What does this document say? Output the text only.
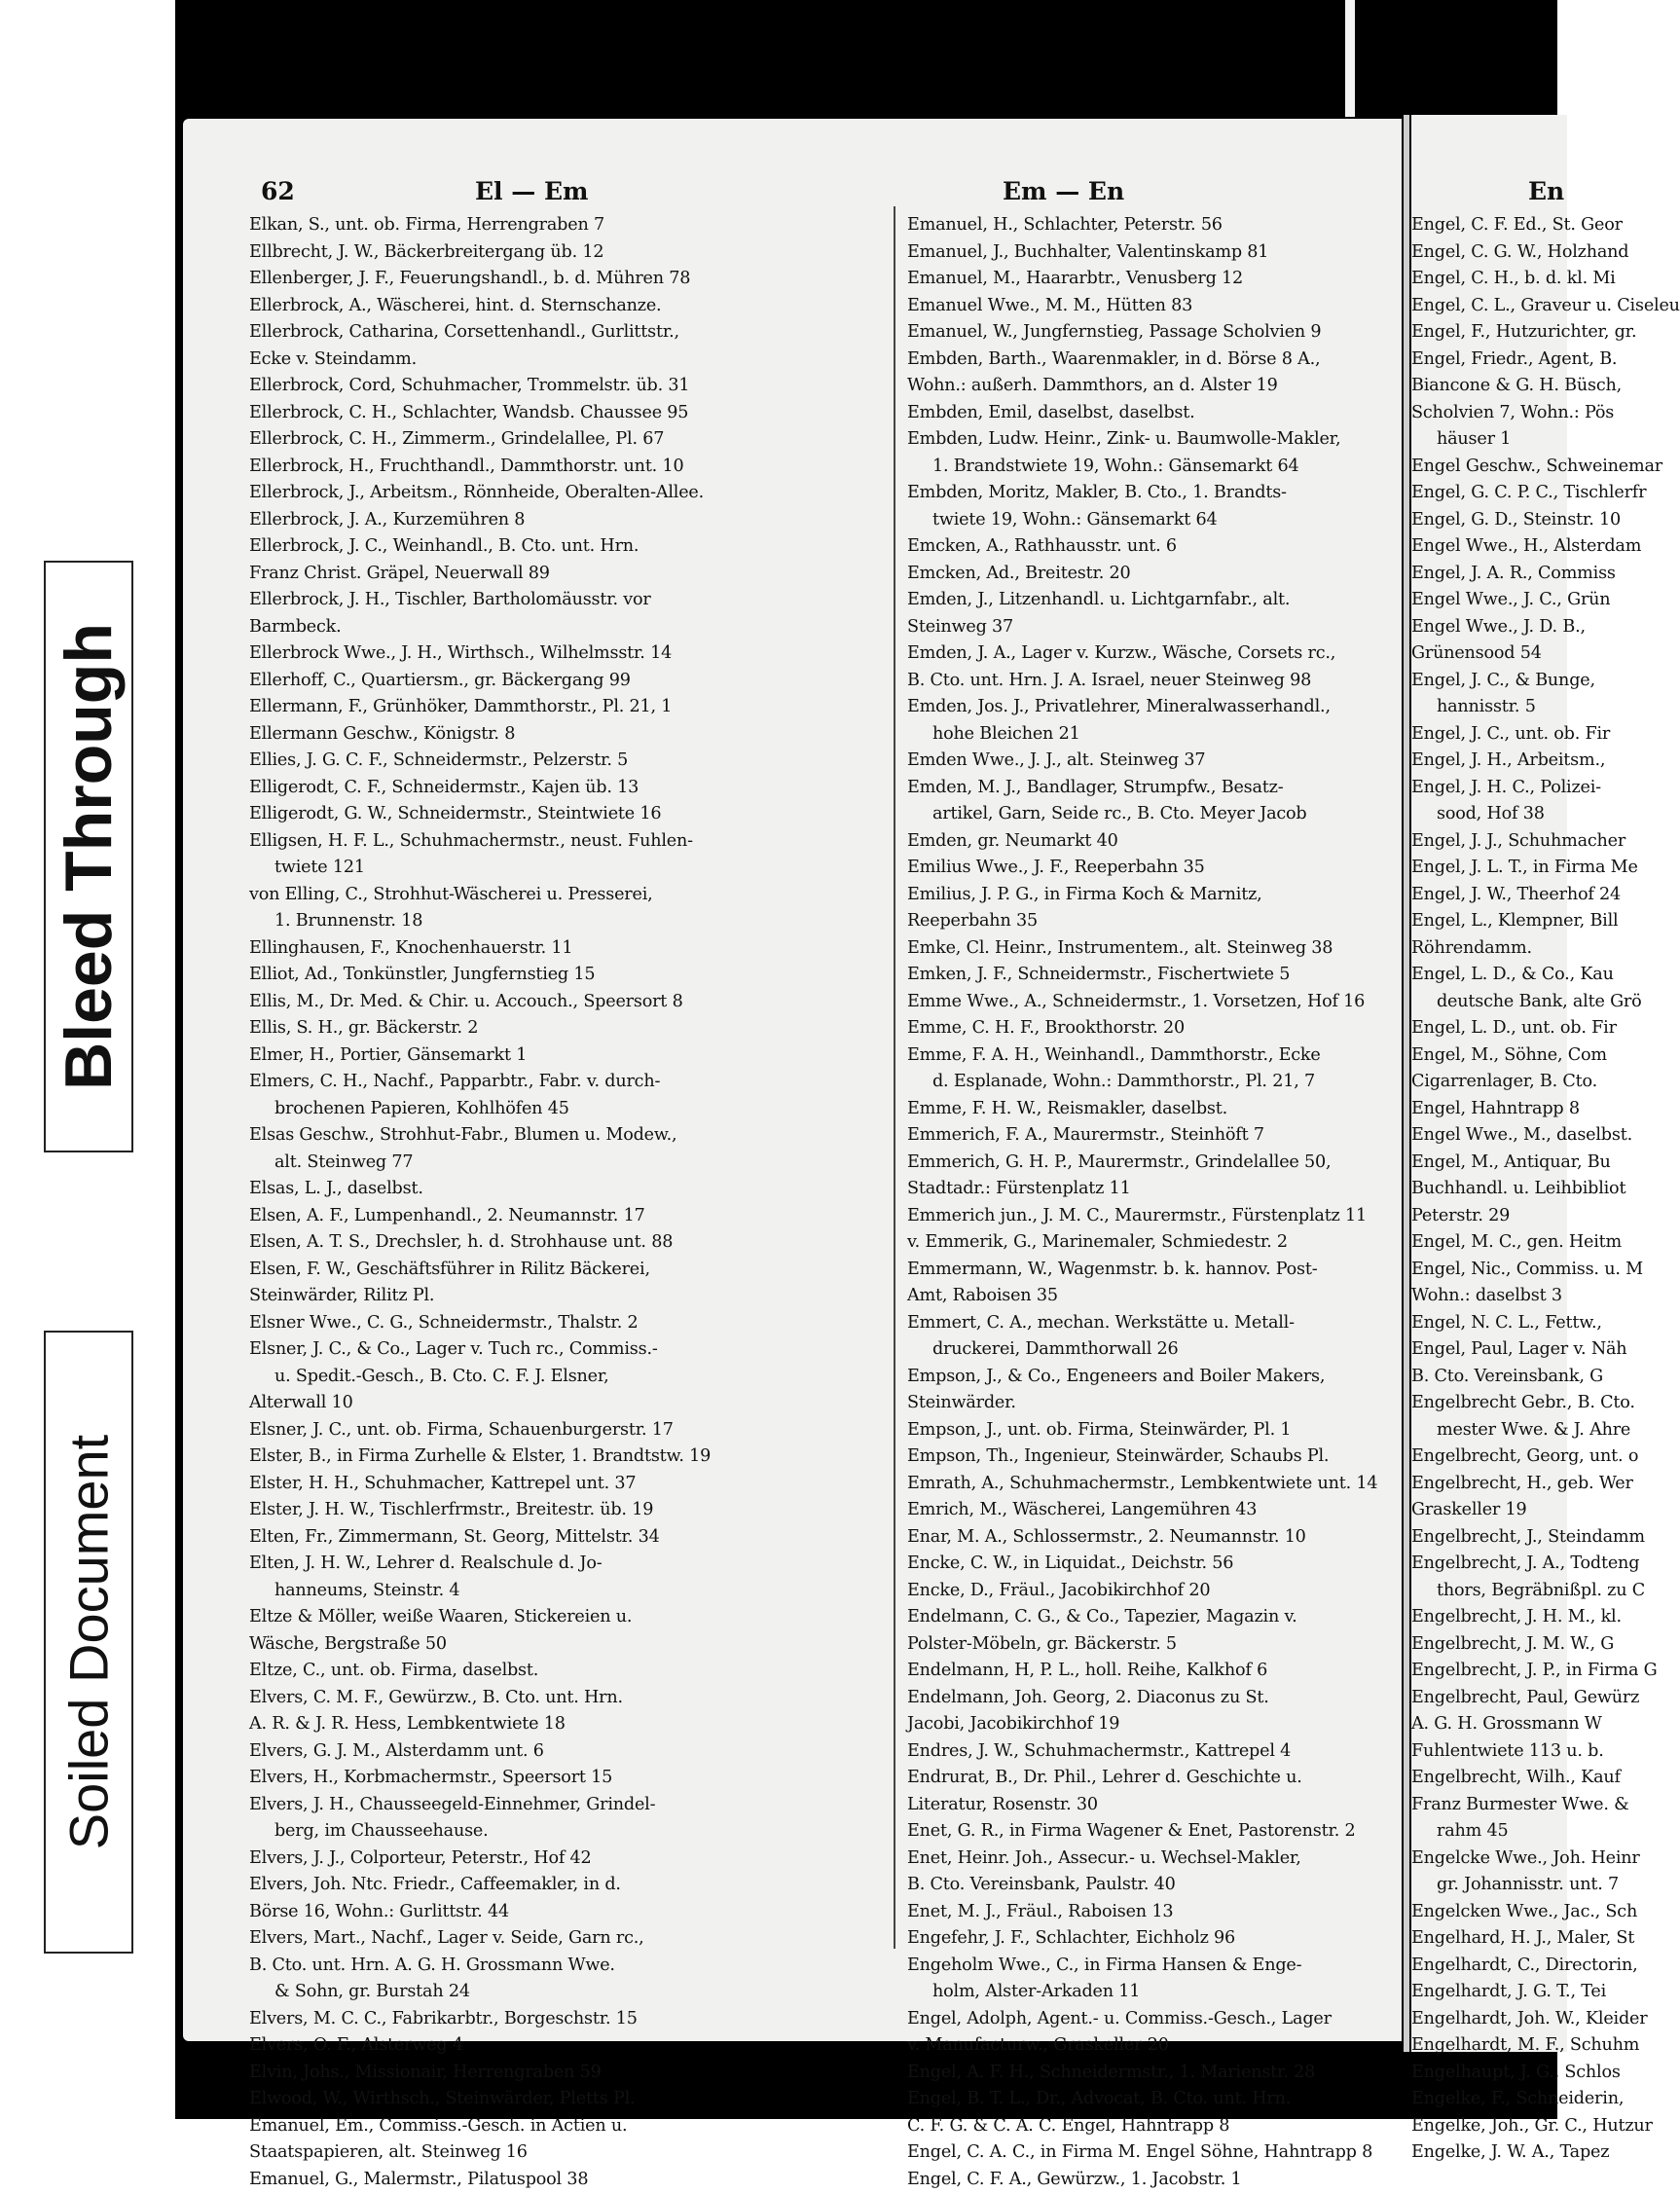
Bleed Through
Soiled Document
62	El — Em	Em — En
Elkan, S., unt. ob. Firma, Herrengraben 7
Ellbrecht, J. W., Bäckerbreitergang üb. 12
Ellenberger, J. F., Feuerungshandl., b. d. Mühren 78
Ellerbrock, A., Wäscherei, hint. d. Sternschanze.
Ellerbrock, Catharina, Corsettenhandl., Gurlittstr.,
Ecke v. Steindamm.
Ellerbrock, Cord, Schuhmacher, Trommelstr. üb. 31
Ellerbrock, C. H., Schlachter, Wandsb. Chaussee 95
Ellerbrock, C. H., Zimmerm., Grindelallee, Pl. 67
Ellerbrock, H., Fruchthandl., Dammthorstr. unt. 10
Ellerbrock, J., Arbeitsm., Rönnheide, Oberalten-Allee.
Ellerbrock, J. A., Kurzemühren 8
Ellerbrock, J. C., Weinhandl., B. Cto. unt. Hrn.
Franz Christ. Gräpel, Neuerwall 89
Ellerbrock, J. H., Tischler, Bartholomäusstr. vor
Barmbeck.
Ellerbrock Wwe., J. H., Wirthsch., Wilhelmsstr. 14
Ellerhoff, C., Quartiersm., gr. Bäckergang 99
Ellermann, F., Grünhöker, Dammthorstr., Pl. 21, 1
Ellermann Geschw., Königstr. 8
Ellies, J. G. C. F., Schneidermstr., Pelzerstr. 5
Elligerodt, C. F., Schneidermstr., Kajen üb. 13
Elligerodt, G. W., Schneidermstr., Steintwiete 16
Elligsen, H. F. L., Schuhmachermstr., neust. Fuhlen-
twiete 121
von Elling, C., Strohhut-Wäscherei u. Presserei,
1. Brunnenstr. 18
Ellinghausen, F., Knochenhauerstr. 11
Elliot, Ad., Tonkünstler, Jungfernstieg 15
Ellis, M., Dr. Med. & Chir. u. Accouch., Speersort 8
Ellis, S. H., gr. Bäckerstr. 2
Elmer, H., Portier, Gänsemarkt 1
Elmers, C. H., Nachf., Papparbtr., Fabr. v. durch-
brochenen Papieren, Kohlhöfen 45
Elsas Geschw., Strohhut-Fabr., Blumen u. Modew.,
alt. Steinweg 77
Elsas, L. J., daselbst.
Elsen, A. F., Lumpenhandl., 2. Neumannstr. 17
Elsen, A. T. S., Drechsler, h. d. Strohhause unt. 88
Elsen, F. W., Geschäftsführer in Rilitz Bäckerei,
Steinwärder, Rilitz Pl.
Elsner Wwe., C. G., Schneidermstr., Thalstr. 2
Elsner, J. C., & Co., Lager v. Tuch rc., Commiss.-
u. Spedit.-Gesch., B. Cto. C. F. J. Elsner,
Alterwall 10
Elsner, J. C., unt. ob. Firma, Schauenburgerstr. 17
Elster, B., in Firma Zurhelle & Elster, 1. Brandtstw. 19
Elster, H. H., Schuhmacher, Kattrepel unt. 37
Elster, J. H. W., Tischlerfrmstr., Breitestr. üb. 19
Elten, Fr., Zimmermann, St. Georg, Mittelstr. 34
Elten, J. H. W., Lehrer d. Realschule d. Jo-
hanneums, Steinstr. 4
Eltze & Möller, weiße Waaren, Stickereien u.
Wäsche, Bergstraße 50
Eltze, C., unt. ob. Firma, daselbst.
Elvers, C. M. F., Gewürzw., B. Cto. unt. Hrn.
A. R. & J. R. Hess, Lembkentwiete 18
Elvers, G. J. M., Alsterdamm unt. 6
Elvers, H., Korbmachermstr., Speersort 15
Elvers, J. H., Chausseegeld-Einnehmer, Grindel-
berg, im Chausseehause.
Elvers, J. J., Colporteur, Peterstr., Hof 42
Elvers, Joh. Ntc. Friedr., Caffeemakler, in d.
Börse 16, Wohn.: Gurlittstr. 44
Elvers, Mart., Nachf., Lager v. Seide, Garn rc.,
B. Cto. unt. Hrn. A. G. H. Grossmann Wwe.
& Sohn, gr. Burstah 24
Elvers, M. C. C., Fabrikarbtr., Borgeschstr. 15
Elvers, O. F., Alsterweg 4
Elvin, Johs., Missionair, Herrengraben 59
Elwood, W., Wirthsch., Steinwärder, Pletts Pl.
Emanuel, Em., Commiss.-Gesch. in Actien u.
Staatspapieren, alt. Steinweg 16
Emanuel, G., Malermstr., Pilatuspool 38
Emanuel, H., Schlachter, Peterstr. 56
Emanuel, J., Buchhalter, Valentinskamp 81
Emanuel, M., Haararbtr., Venusberg 12
Emanuel Wwe., M. M., Hütten 83
Emanuel, W., Jungfernstieg, Passage Scholvien 9
Embden, Barth., Waarenmakler, in d. Börse 8 A.,
Wohn.: außerh. Dammthors, an d. Alster 19
Embden, Emil, daselbst, daselbst.
Embden, Ludw. Heinr., Zink- u. Baumwolle-Makler,
1. Brandstwiete 19, Wohn.: Gänsemarkt 64
Embden, Moritz, Makler, B. Cto., 1. Brandts-
twiete 19, Wohn.: Gänsemarkt 64
Emcken, A., Rathhausstr. unt. 6
Emcken, Ad., Breitestr. 20
Emden, J., Litzenhandl. u. Lichtgarnfabr., alt.
Steinweg 37
Emden, J. A., Lager v. Kurzw., Wäsche, Corsets rc.,
B. Cto. unt. Hrn. J. A. Israel, neuer Steinweg 98
Emden, Jos. J., Privatlehrer, Mineralwasserhandl.,
hohe Bleichen 21
Emden Wwe., J. J., alt. Steinweg 37
Emden, M. J., Bandlager, Strumpfw., Besatz-
artikel, Garn, Seide rc., B. Cto. Meyer Jacob
Emden, gr. Neumarkt 40
Emilius Wwe., J. F., Reeperbahn 35
Emilius, J. P. G., in Firma Koch & Marnitz,
Reeperbahn 35
Emke, Cl. Heinr., Instrumentem., alt. Steinweg 38
Emken, J. F., Schneidermstr., Fischertwiete 5
Emme Wwe., A., Schneidermstr., 1. Vorsetzen, Hof 16
Emme, C. H. F., Brookthorstr. 20
Emme, F. A. H., Weinhandl., Dammthorstr., Ecke
d. Esplanade, Wohn.: Dammthorstr., Pl. 21, 7
Emme, F. H. W., Reismakler, daselbst.
Emmerich, F. A., Maurermstr., Steinhöft 7
Emmerich, G. H. P., Maurermstr., Grindelallee 50,
Stadtadr.: Fürstenplatz 11
Emmerich jun., J. M. C., Maurermstr., Fürstenplatz 11
v. Emmerik, G., Marinemaler, Schmiedestr. 2
Emmermann, W., Wagenmstr. b. k. hannov. Post-
Amt, Raboisen 35
Emmert, C. A., mechan. Werkstätte u. Metall-
druckerei, Dammthorwall 26
Empson, J., & Co., Engeneers and Boiler Makers,
Steinwärder.
Empson, J., unt. ob. Firma, Steinwärder, Pl. 1
Empson, Th., Ingenieur, Steinwärder, Schaubs Pl.
Emrath, A., Schuhmachermstr., Lembkentwiete unt. 14
Emrich, M., Wäscherei, Langemühren 43
Enar, M. A., Schlossermstr., 2. Neumannstr. 10
Encke, C. W., in Liquidat., Deichstr. 56
Encke, D., Fräul., Jacobikirchhof 20
Endelmann, C. G., & Co., Tapezier, Magazin v.
Polster-Möbeln, gr. Bäckerstr. 5
Endelmann, H, P. L., holl. Reihe, Kalkhof 6
Endelmann, Joh. Georg, 2. Diaconus zu St.
Jacobi, Jacobikirchhof 19
Endres, J. W., Schuhmachermstr., Kattrepel 4
Endrurat, B., Dr. Phil., Lehrer d. Geschichte u.
Literatur, Rosenstr. 30
Enet, G. R., in Firma Wagener & Enet, Pastorenstr. 2
Enet, Heinr. Joh., Assecur.- u. Wechsel-Makler,
B. Cto. Vereinsbank, Paulstr. 40
Enet, M. J., Fräul., Raboisen 13
Engefehr, J. F., Schlachter, Eichholz 96
Engeholm Wwe., C., in Firma Hansen & Enge-
holm, Alster-Arkaden 11
Engel, Adolph, Agent.- u. Commiss.-Gesch., Lager
v. Manufacturw., Graskeller 20
Engel, A. F. H., Schneidermstr., 1. Marienstr. 28
Engel, B. T. L., Dr., Advocat, B. Cto. unt. Hrn.
C. F. G. & C. A. C. Engel, Hahntrapp 8
Engel, C. A. C., in Firma M. Engel Söhne, Hahntrapp 8
Engel, C. F. A., Gewürzw., 1. Jacobstr. 1
En
Engel, C. F. Ed., St. Geor
Engel, C. G. W., Holzhand
Engel, C. H., b. d. kl. Mi
Engel, C. L., Graveur u. Ciseleu
Engel, F., Hutzurichter, gr.
Engel, Friedr., Agent, B.
Biancone & G. H. Büsch,
Scholvien 7, Wohn.: Pös
häuser 1
Engel Geschw., Schweinemar
Engel, G. C. P. C., Tischlerfr
Engel, G. D., Steinstr. 10
Engel Wwe., H., Alsterdam
Engel, J. A. R., Commiss
Engel Wwe., J. C., Grün
Engel Wwe., J. D. B.,
Grünensood 54
Engel, J. C., & Bunge,
hannisstr. 5
Engel, J. C., unt. ob. Fir
Engel, J. H., Arbeitsm.,
Engel, J. H. C., Polizei-
sood, Hof 38
Engel, J. J., Schuhmacher
Engel, J. L. T., in Firma Me
Engel, J. W., Theerhof 24
Engel, L., Klempner, Bill
Röhrendamm.
Engel, L. D., & Co., Kau
deutsche Bank, alte Grö
Engel, L. D., unt. ob. Fir
Engel, M., Söhne, Com
Cigarrenlager, B. Cto.
Engel, Hahntrapp 8
Engel Wwe., M., daselbst.
Engel, M., Antiquar, Bu
Buchhandl. u. Leihbibliot
Peterstr. 29
Engel, M. C., gen. Heitm
Engel, Nic., Commiss. u. M
Wohn.: daselbst 3
Engel, N. C. L., Fettw.,
Engel, Paul, Lager v. Näh
B. Cto. Vereinsbank, G
Engelbrecht Gebr., B. Cto.
mester Wwe. & J. Ahre
Engelbrecht, Georg, unt. o
Engelbrecht, H., geb. Wer
Graskeller 19
Engelbrecht, J., Steindamm
Engelbrecht, J. A., Todteng
thors, Begräbnißpl. zu C
Engelbrecht, J. H. M., kl.
Engelbrecht, J. M. W., G
Engelbrecht, J. P., in Firma G
Engelbrecht, Paul, Gewürz
A. G. H. Grossmann W
Fuhlentwiete 113 u. b.
Engelbrecht, Wilh., Kauf
Franz Burmester Wwe. &
rahm 45
Engelcke Wwe., Joh. Heinr
gr. Johannisstr. unt. 7
Engelcken Wwe., Jac., Sch
Engelhard, H. J., Maler, St
Engelhardt, C., Directorin,
Engelhardt, J. G. T., Tei
Engelhardt, Joh. W., Kleider
Engelhardt, M. F., Schuhm
Engelhaupt, J. G., Schlos
Engelke, F., Schneiderin,
Engelke, Joh., Gr. C., Hutzur
Engelke, J. W. A., Tapez
